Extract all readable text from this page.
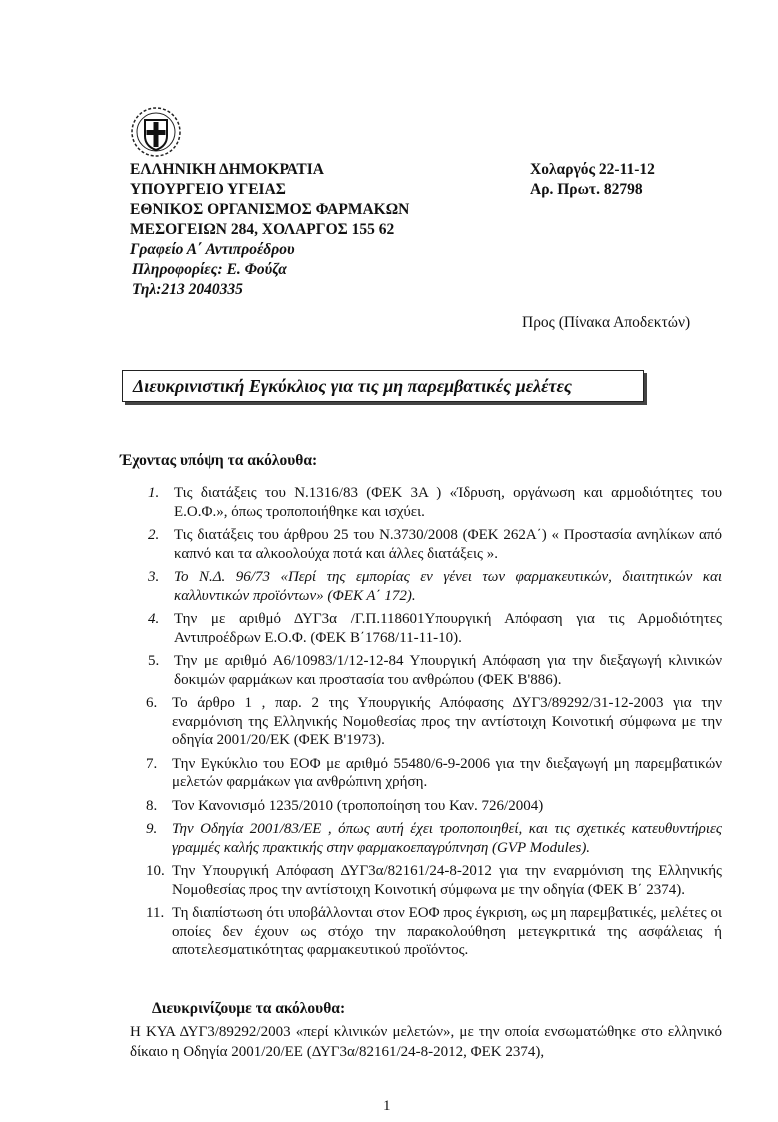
ΕΛΛΗΝΙΚΗ ΔΗΜΟΚΡΑΤΙΑ
ΥΠΟΥΡΓΕΙΟ ΥΓΕΙΑΣ
ΕΘΝΙΚΟΣ ΟΡΓΑΝΙΣΜΟΣ ΦΑΡΜΑΚΩΝ
ΜΕΣΟΓΕΙΩΝ 284, ΧΟΛΑΡΓΟΣ 155 62
Γραφείο Α΄ Αντιπροέδρου
Πληροφορίες: Ε. Φούζα
Τηλ:213 2040335
Χολαργός 22-11-12
Αρ. Πρωτ. 82798
Προς (Πίνακα Αποδεκτών)
Διευκρινιστική Εγκύκλιος για τις μη παρεμβατικές μελέτες
Έχοντας υπόψη τα ακόλουθα:
1. Τις διατάξεις του Ν.1316/83 (ΦΕΚ 3Α ) «Ίδρυση, οργάνωση και αρμοδιότητες του Ε.Ο.Φ.», όπως τροποποιήθηκε και ισχύει.
2. Τις διατάξεις του άρθρου 25 του Ν.3730/2008 (ΦΕΚ 262Α΄) « Προστασία ανηλίκων από καπνό και τα αλκοολούχα ποτά και άλλες διατάξεις ».
3. Το Ν.Δ. 96/73 «Περί της εμπορίας εν γένει των φαρμακευτικών, διαιτητικών και καλλυντικών προϊόντων» (ΦΕΚ Α΄ 172).
4. Την με αριθμό ΔΥΓ3α /Γ.Π.118601Υπουργική Απόφαση για τις Αρμοδιότητες Αντιπροέδρων Ε.Ο.Φ. (ΦΕΚ Β΄1768/11-11-10).
5. Την με αριθμό Α6/10983/1/12-12-84 Υπουργική Απόφαση για την διεξαγωγή κλινικών δοκιμών φαρμάκων και προστασία του ανθρώπου (ΦΕΚ Β'886).
6. Το άρθρο 1 , παρ. 2 της Υπουργικής Απόφασης ΔΥΓ3/89292/31-12-2003 για την εναρμόνιση της Ελληνικής Νομοθεσίας προς την αντίστοιχη Κοινοτική σύμφωνα με την οδηγία 2001/20/ΕΚ (ΦΕΚ Β'1973).
7. Την Εγκύκλιο του ΕΟΦ με αριθμό 55480/6-9-2006 για την διεξαγωγή μη παρεμβατικών μελετών φαρμάκων για ανθρώπινη χρήση.
8. Τον Κανονισμό 1235/2010 (τροποποίηση του Καν. 726/2004)
9. Την Οδηγία 2001/83/ΕΕ , όπως αυτή έχει τροποποιηθεί, και τις σχετικές κατευθυντήριες γραμμές καλής πρακτικής στην φαρμακοεπαγρύπνηση (GVP Modules).
10. Την Υπουργική Απόφαση ΔΥΓ3α/82161/24-8-2012 για την εναρμόνιση της Ελληνικής Νομοθεσίας προς την αντίστοιχη Κοινοτική σύμφωνα με την οδηγία (ΦΕΚ Β΄ 2374).
11. Τη διαπίστωση ότι υποβάλλονται στον ΕΟΦ προς έγκριση, ως μη παρεμβατικές, μελέτες οι οποίες δεν έχουν ως στόχο την παρακολούθηση μετεγκριτικά της ασφάλειας ή αποτελεσματικότητας φαρμακευτικού προϊόντος.
Διευκρινίζουμε τα ακόλουθα:
Η ΚΥΑ ΔΥΓ3/89292/2003 «περί κλινικών μελετών», με την οποία ενσωματώθηκε στο ελληνικό δίκαιο η Οδηγία 2001/20/ΕΕ (ΔΥΓ3α/82161/24-8-2012, ΦΕΚ 2374),
1
